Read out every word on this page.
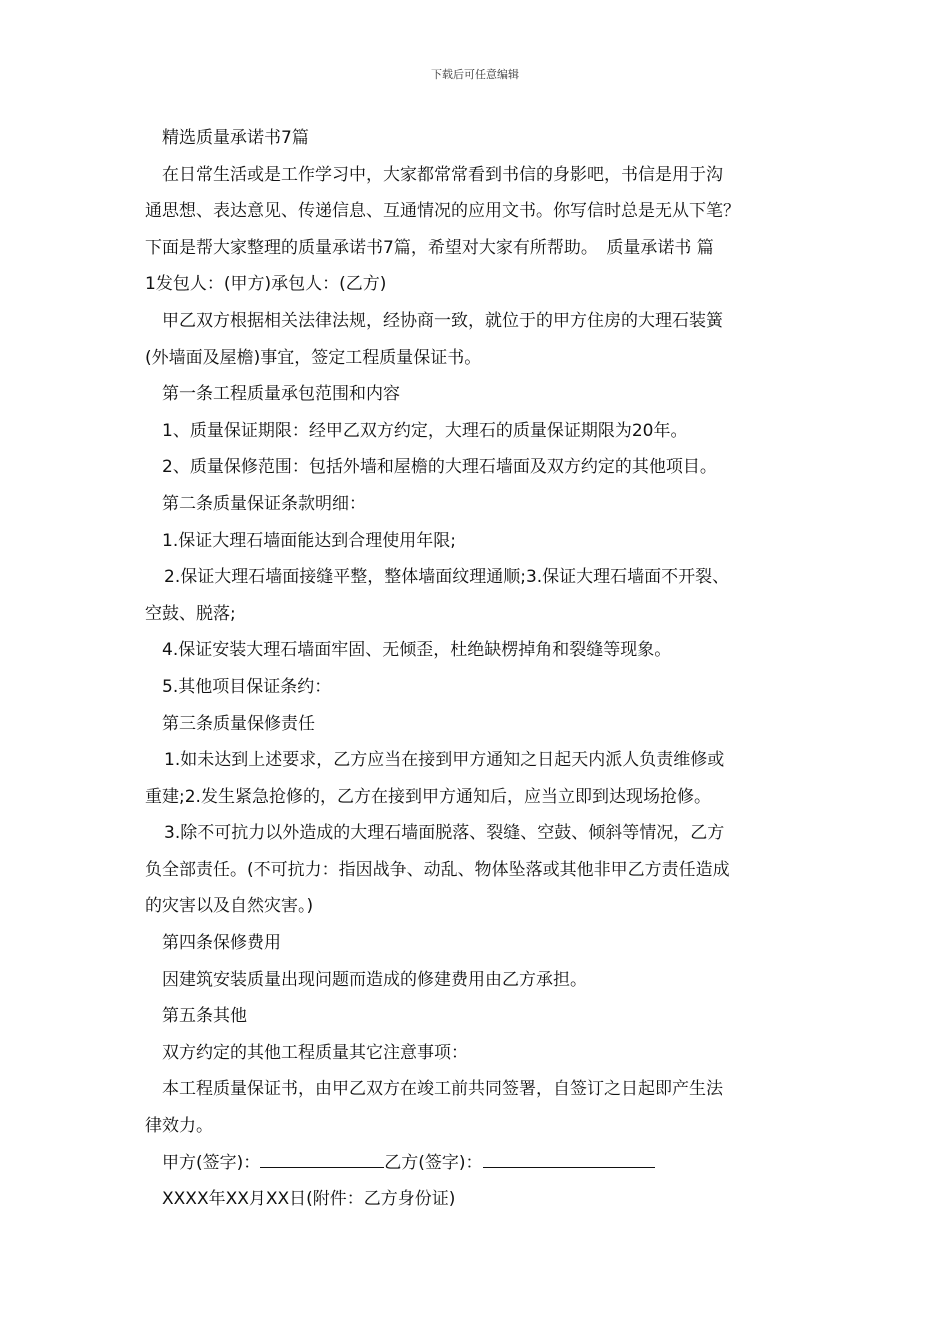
下载后可任意编辑

精选质量承诺书7篇

在日常生活或是工作学习中，大家都常常看到书信的身影吧，书信是用于沟

通思想、表达意见、传递信息、互通情况的应用文书。你写信时总是无从下笔？

下面是帮大家整理的质量承诺书7篇，希望对大家有所帮助。　质量承诺书 篇

1发包人：(甲方)承包人：(乙方)

甲乙双方根据相关法律法规，经协商一致，就位于的甲方住房的大理石装簧

(外墙面及屋檐)事宜，签定工程质量保证书。

第一条工程质量承包范围和内容

1、质量保证期限：经甲乙双方约定，大理石的质量保证期限为20年。

2、质量保修范围：包括外墙和屋檐的大理石墙面及双方约定的其他项目。

第二条质量保证条款明细：

1.保证大理石墙面能达到合理使用年限;

2.保证大理石墙面接缝平整，整体墙面纹理通顺;3.保证大理石墙面不开裂、

空鼓、脱落;

4.保证安装大理石墙面牢固、无倾歪，杜绝缺楞掉角和裂缝等现象。

5.其他项目保证条约：

第三条质量保修责任

1.如未达到上述要求，乙方应当在接到甲方通知之日起天内派人负责维修或

重建;2.发生紧急抢修的，乙方在接到甲方通知后，应当立即到达现场抢修。

3.除不可抗力以外造成的大理石墙面脱落、裂缝、空鼓、倾斜等情况，乙方

负全部责任。(不可抗力：指因战争、动乱、物体坠落或其他非甲乙方责任造成

的灾害以及自然灾害。)

第四条保修费用

因建筑安装质量出现问题而造成的修建费用由乙方承担。

第五条其他

双方约定的其他工程质量其它注意事项：

本工程质量保证书，由甲乙双方在竣工前共同签署，自签订之日起即产生法

律效力。

甲方(签字)：	乙方(签字)：

XXXX年XX月XX日(附件：乙方身份证)
